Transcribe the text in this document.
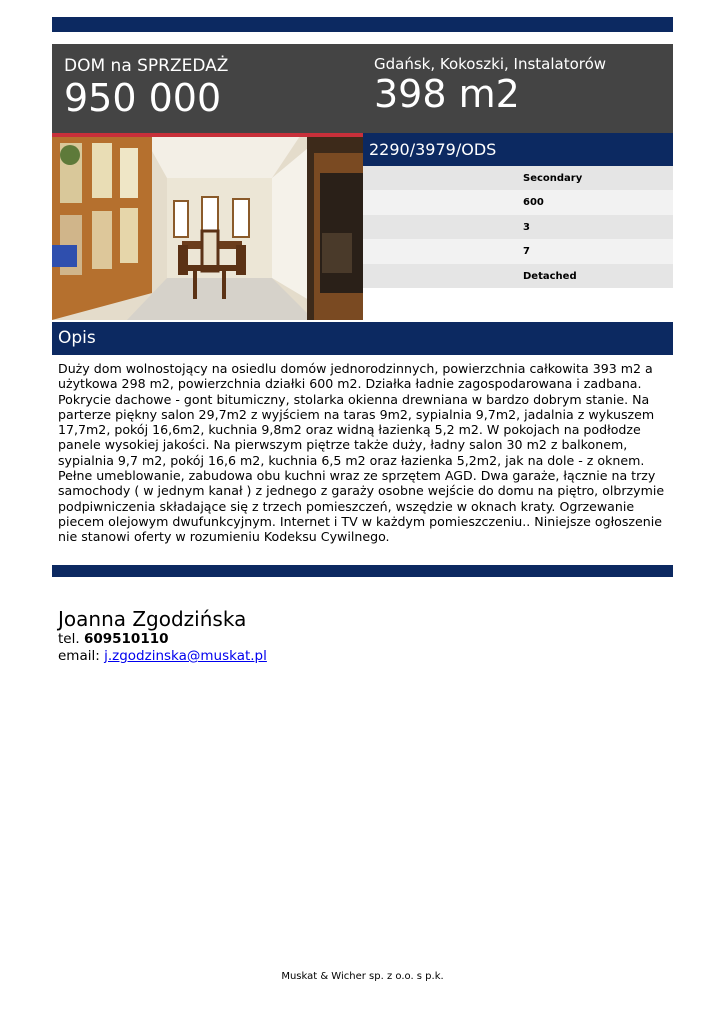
DOM na SPRZEDAŻ
950 000
Gdańsk, Kokoszki, Instalatorów
398 m2
2290/3979/ODS
Secondary
600
3
7
Detached
Opis

Duży dom wolnostojący na osiedlu domów jednorodzinnych, powierzchnia całkowita 393 m2 a użytkowa 298 m2, powierzchnia działki 600 m2. Działka ładnie zagospodarowana i zadbana. Pokrycie dachowe - gont bitumiczny, stolarka okienna drewniana w bardzo dobrym stanie. Na parterze piękny salon 29,7m2 z wyjściem na taras 9m2, sypialnia 9,7m2, jadalnia z wykuszem 17,7m2, pokój 16,6m2, kuchnia 9,8m2 oraz widną łazienką 5,2 m2. W pokojach na podłodze panele wysokiej jakości. Na pierwszym piętrze także duży, ładny salon 30 m2 z balkonem, sypialnia 9,7 m2, pokój 16,6 m2, kuchnia 6,5 m2 oraz łazienka 5,2m2, jak na dole - z oknem. Pełne umeblowanie, zabudowa obu kuchni wraz ze sprzętem AGD. Dwa garaże, łącznie na trzy samochody ( w jednym kanał ) z jednego z garaży osobne wejście do domu na piętro, olbrzymie podpiwniczenia składające się z trzech pomieszczeń, wszędzie w oknach kraty. Ogrzewanie piecem olejowym dwufunkcyjnym. Internet i TV w każdym pomieszczeniu.. Niniejsze ogłoszenie nie stanowi oferty w rozumieniu Kodeksu Cywilnego.

Joanna Zgodzińska
tel. 609510110
email: j.zgodzinska@muskat.pl
Muskat & Wicher sp. z o.o. s p.k.
